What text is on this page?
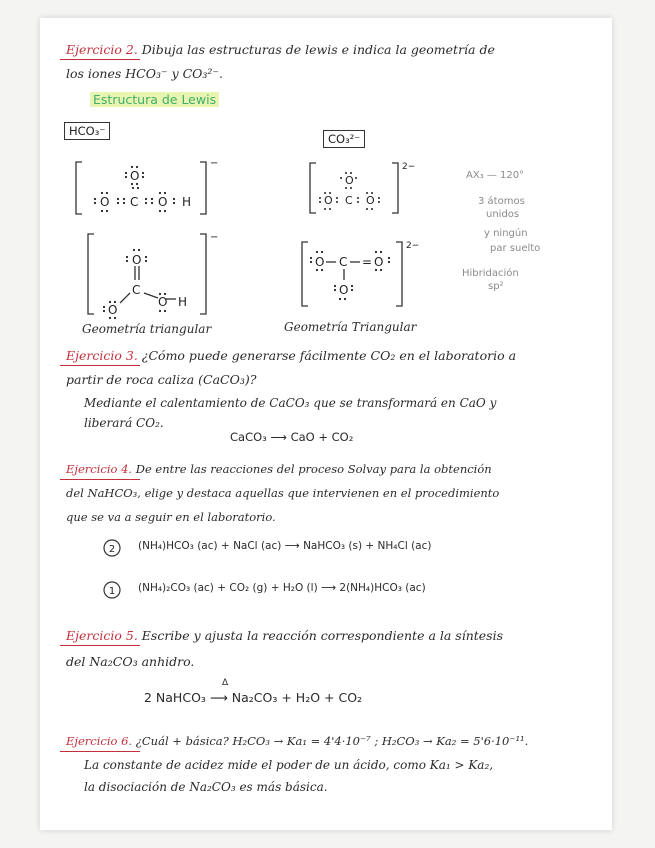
Ejercicio 2. Dibuja las estructuras de lewis e indica la geometría de
los iones HCO₃⁻ y CO₃²⁻.
Estructura de Lewis
HCO₃⁻
CO₃²⁻
−	2−
−
2−
O
O C O H
O
O C O
O
C
O
O H
O C = O
O
AX₃ — 120°
3 átomos
unidos
y ningún
par suelto
Hibridación
sp²
Geometría triangular	Geometría Triangular
Ejercicio 3. ¿Cómo puede generarse fácilmente CO₂ en el laboratorio a
partir de roca caliza (CaCO₃)?
Mediante el calentamiento de CaCO₃ que se transformará en CaO y
liberará CO₂.
CaCO₃ ⟶ CaO + CO₂
Ejercicio 4. De entre las reacciones del proceso Solvay para la obtención
del NaHCO₃, elige y destaca aquellas que intervienen en el procedimiento
que se va a seguir en el laboratorio.
2 (NH₄)HCO₃ (ac) + NaCl (ac) ⟶ NaHCO₃ (s) + NH₄Cl (ac)
1 (NH₄)₂CO₃ (ac) + CO₂ (g) + H₂O (l) ⟶ 2(NH₄)HCO₃ (ac)
Ejercicio 5. Escribe y ajusta la reacción correspondiente a la síntesis
del Na₂CO₃ anhidro.
Δ
2 NaHCO₃ ⟶ Na₂CO₃ + H₂O + CO₂
Ejercicio 6. ¿Cuál + básica? H₂CO₃ → Ka₁ = 4'4·10⁻⁷ ; H₂CO₃ → Ka₂ = 5'6·10⁻¹¹.
La constante de acidez mide el poder de un ácido, como Ka₁ > Ka₂,
la disociación de Na₂CO₃ es más básica.
